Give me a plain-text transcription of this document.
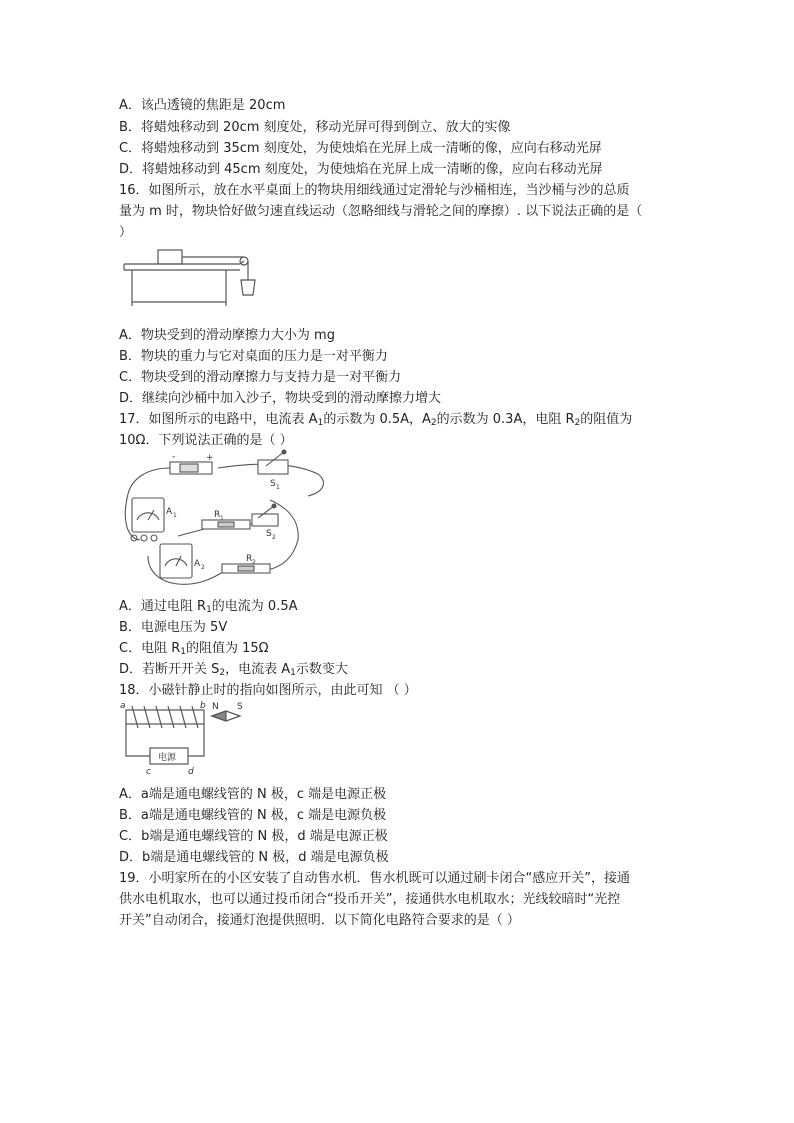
A．该凸透镜的焦距是 20cm
B．将蜡烛移动到 20cm 刻度处，移动光屏可得到倒立、放大的实像
C．将蜡烛移动到 35cm 刻度处，为使烛焰在光屏上成一清晰的像，应向右移动光屏
D．将蜡烛移动到 45cm 刻度处，为使烛焰在光屏上成一清晰的像，应向右移动光屏
16．如图所示，放在水平桌面上的物块用细线通过定滑轮与沙桶相连，当沙桶与沙的总质
量为 m 时，物块恰好做匀速直线运动（忽略细线与滑轮之间的摩擦）. 以下说法正确的是（
）
A．物块受到的滑动摩擦力大小为 mg
B．物块的重力与它对桌面的压力是一对平衡力
C．物块受到的滑动摩擦力与支持力是一对平衡力
D．继续向沙桶中加入沙子，物块受到的滑动摩擦力增大
17．如图所示的电路中，电流表 $A_1$的示数为 0.5A，$A_2$的示数为 0.3A，电阻 $R_2$的阻值为
10Ω．下列说法正确的是（ ）
-	+
S 1
A 1	R 1
S 2
A 2
R 2
A．通过电阻 $R_1$的电流为 0.5A
B．电源电压为 5V
C．电阻 $R_1$的阻值为 15Ω
D．若断开开关 $S_2$，电流表 $A_1$示数变大
18．小磁针静止时的指向如图所示，由此可知 （ ）
a	b
c	d
N S
电源
A．a端是通电螺线管的 N 极，c 端是电源正极
B．a端是通电螺线管的 N 极，c 端是电源负极
C．b端是通电螺线管的 N 极，d 端是电源正极
D．b端是通电螺线管的 N 极，d 端是电源负极
19．小明家所在的小区安装了自动售水机．售水机既可以通过刷卡闭合“感应开关”，接通
供水电机取水，也可以通过投币闭合“投币开关”，接通供水电机取水；光线较暗时“光控
开关”自动闭合，接通灯泡提供照明．以下简化电路符合要求的是（ ）
